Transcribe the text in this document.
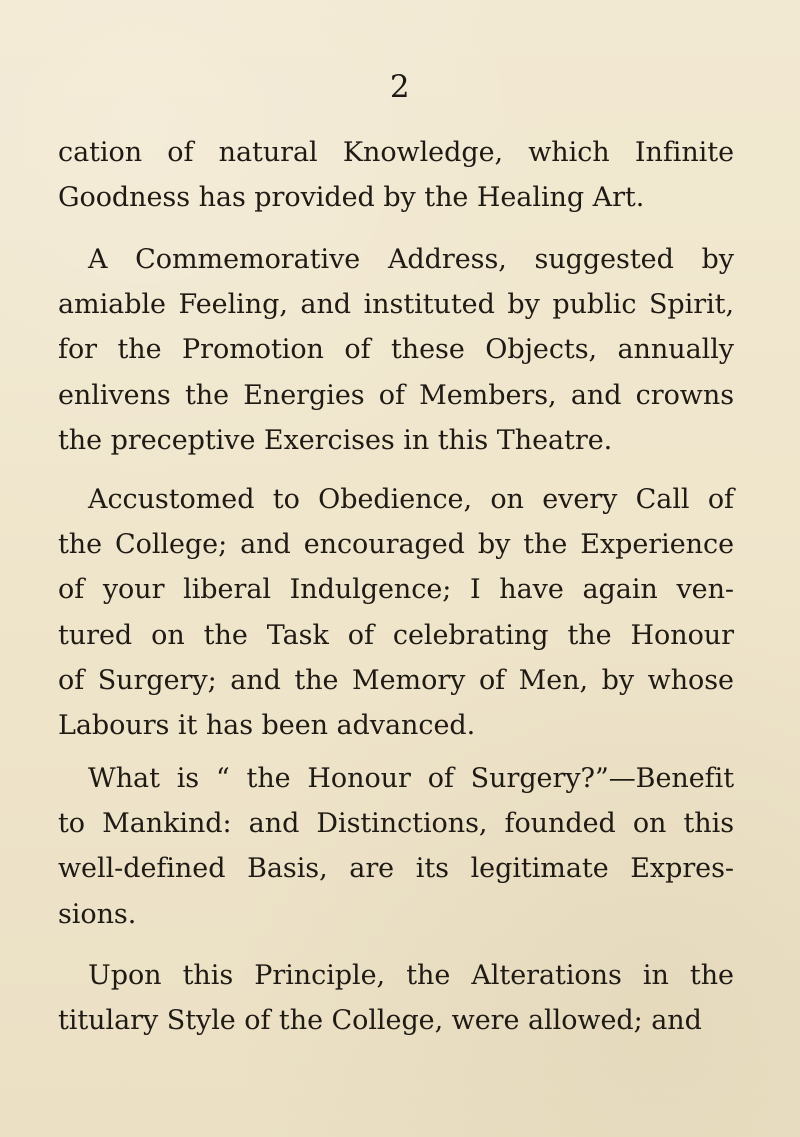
2
cation of natural Knowledge, which Infinite
Goodness has provided by the Healing Art.
A Commemorative Address, suggested by
amiable Feeling, and instituted by public Spirit,
for the Promotion of these Objects, annually
enlivens the Energies of Members, and crowns
the preceptive Exercises in this Theatre.
Accustomed to Obedience, on every Call of
the College; and encouraged by the Experience
of your liberal Indulgence; I have again ven-
tured on the Task of celebrating the Honour
of Surgery; and the Memory of Men, by whose
Labours it has been advanced.
What is “ the Honour of Surgery?”—Benefit
to Mankind: and Distinctions, founded on this
well-defined Basis, are its legitimate Expres-
sions.
Upon this Principle, the Alterations in the
titulary Style of the College, were allowed; and
